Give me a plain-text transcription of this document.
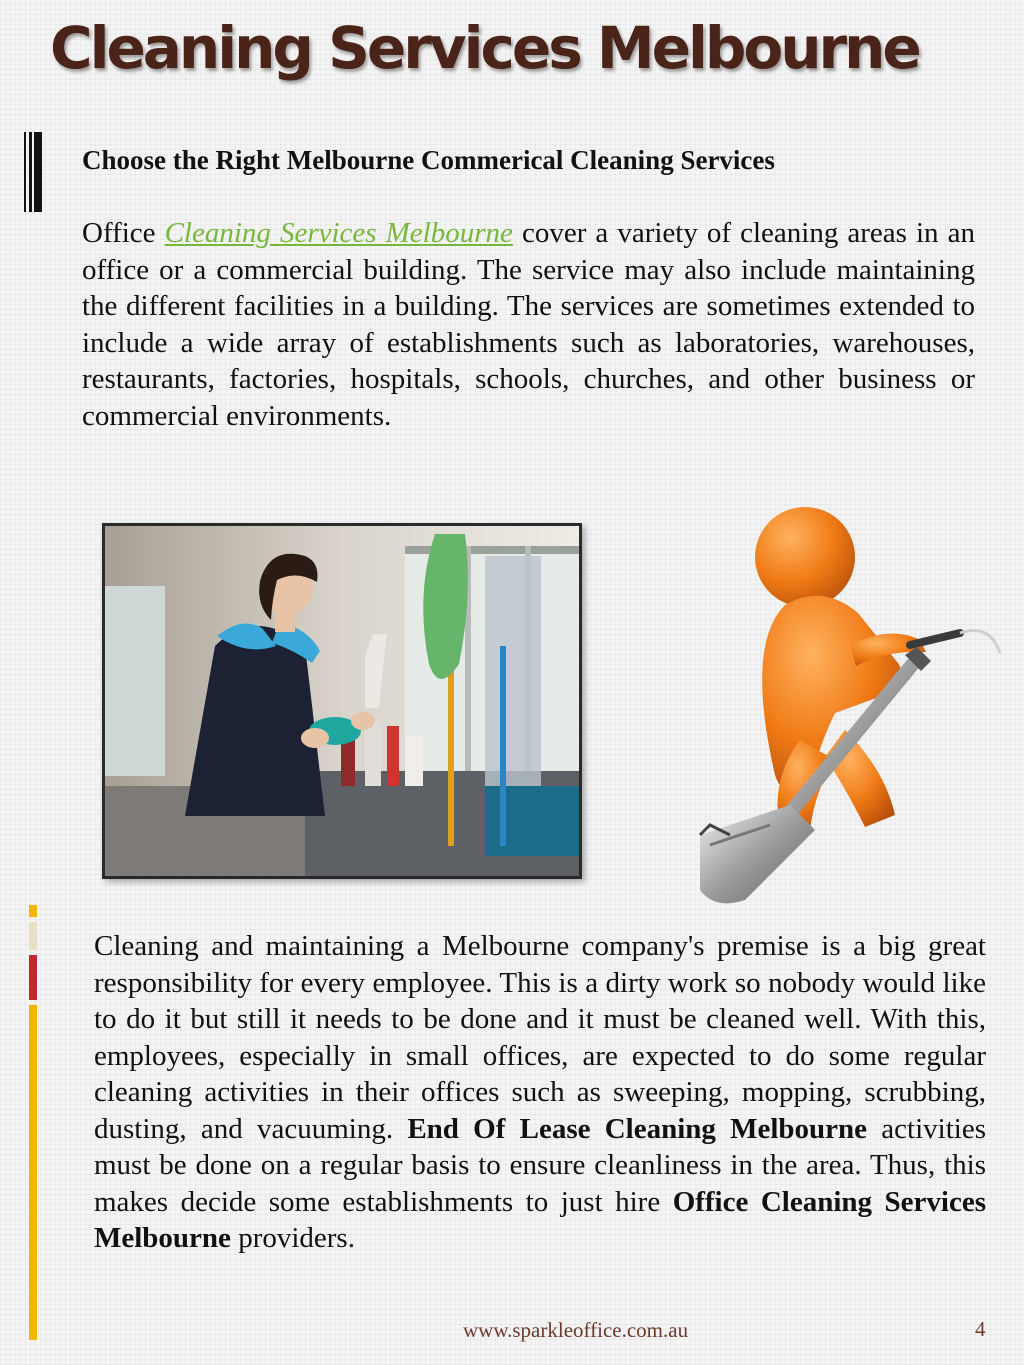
Cleaning Services Melbourne
Choose the Right Melbourne Commerical Cleaning Services

Office Cleaning Services Melbourne cover a variety of cleaning areas in an office or a commercial building. The service may also include maintaining the different facilities in a building. The services are sometimes extended to include a wide array of establishments such as laboratories, warehouses, restaurants, factories, hospitals, schools, churches, and other business or commercial environments.

Cleaning and maintaining a Melbourne company's premise is a big great responsibility for every employee. This is a dirty work so nobody would like to do it but still it needs to be done and it must be cleaned well. With this, employees, especially in small offices, are expected to do some regular cleaning activities in their offices such as sweeping, mopping, scrubbing, dusting, and vacuuming. End Of Lease Cleaning Melbourne activities must be done on a regular basis to ensure cleanliness in the area. Thus, this makes decide some establishments to just hire Office Cleaning Services Melbourne providers.

www.sparkleoffice.com.au	4
